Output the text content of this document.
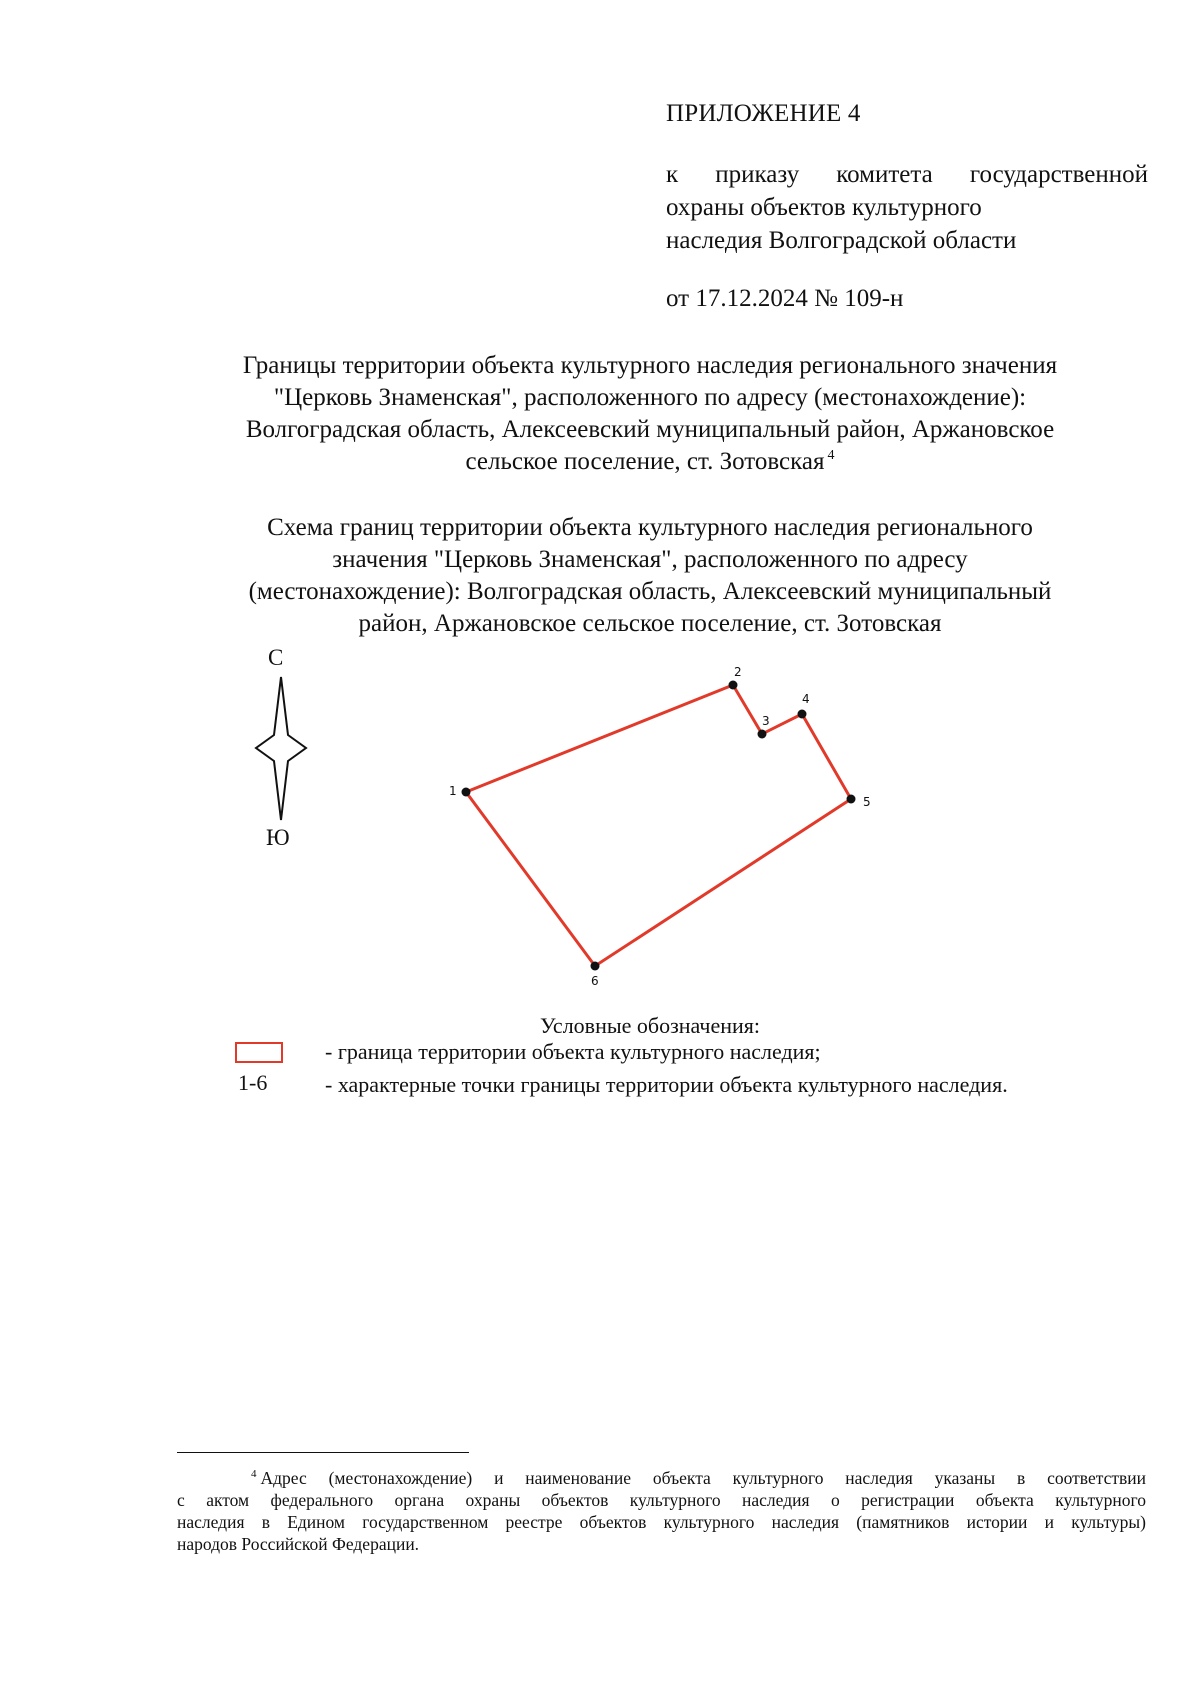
ПРИЛОЖЕНИЕ 4
к приказу комитета государственной
охраны объектов культурного
наследия Волгоградской области
от 17.12.2024 № 109-н
Границы территории объекта культурного наследия регионального значения
"Церковь Знаменская", расположенного по адресу (местонахождение):
Волгоградская область, Алексеевский муниципальный район, Аржановское
сельское поселение, ст. Зотовская $^4$
Схема границ территории объекта культурного наследия регионального
значения "Церковь Знаменская", расположенного по адресу
(местонахождение): Волгоградская область, Алексеевский муниципальный
район, Аржановское сельское поселение, ст. Зотовская
1
2
3
4
5
6
С
Ю
Условные обозначения:
- граница территории объекта культурного наследия;
1-6	- характерные точки границы территории объекта культурного наследия.
$^4$ Адрес (местонахождение) и наименование объекта культурного наследия указаны в соответствии
с актом федерального органа охраны объектов культурного наследия о регистрации объекта культурного
наследия в Едином государственном реестре объектов культурного наследия (памятников истории и культуры)
народов Российской Федерации.
